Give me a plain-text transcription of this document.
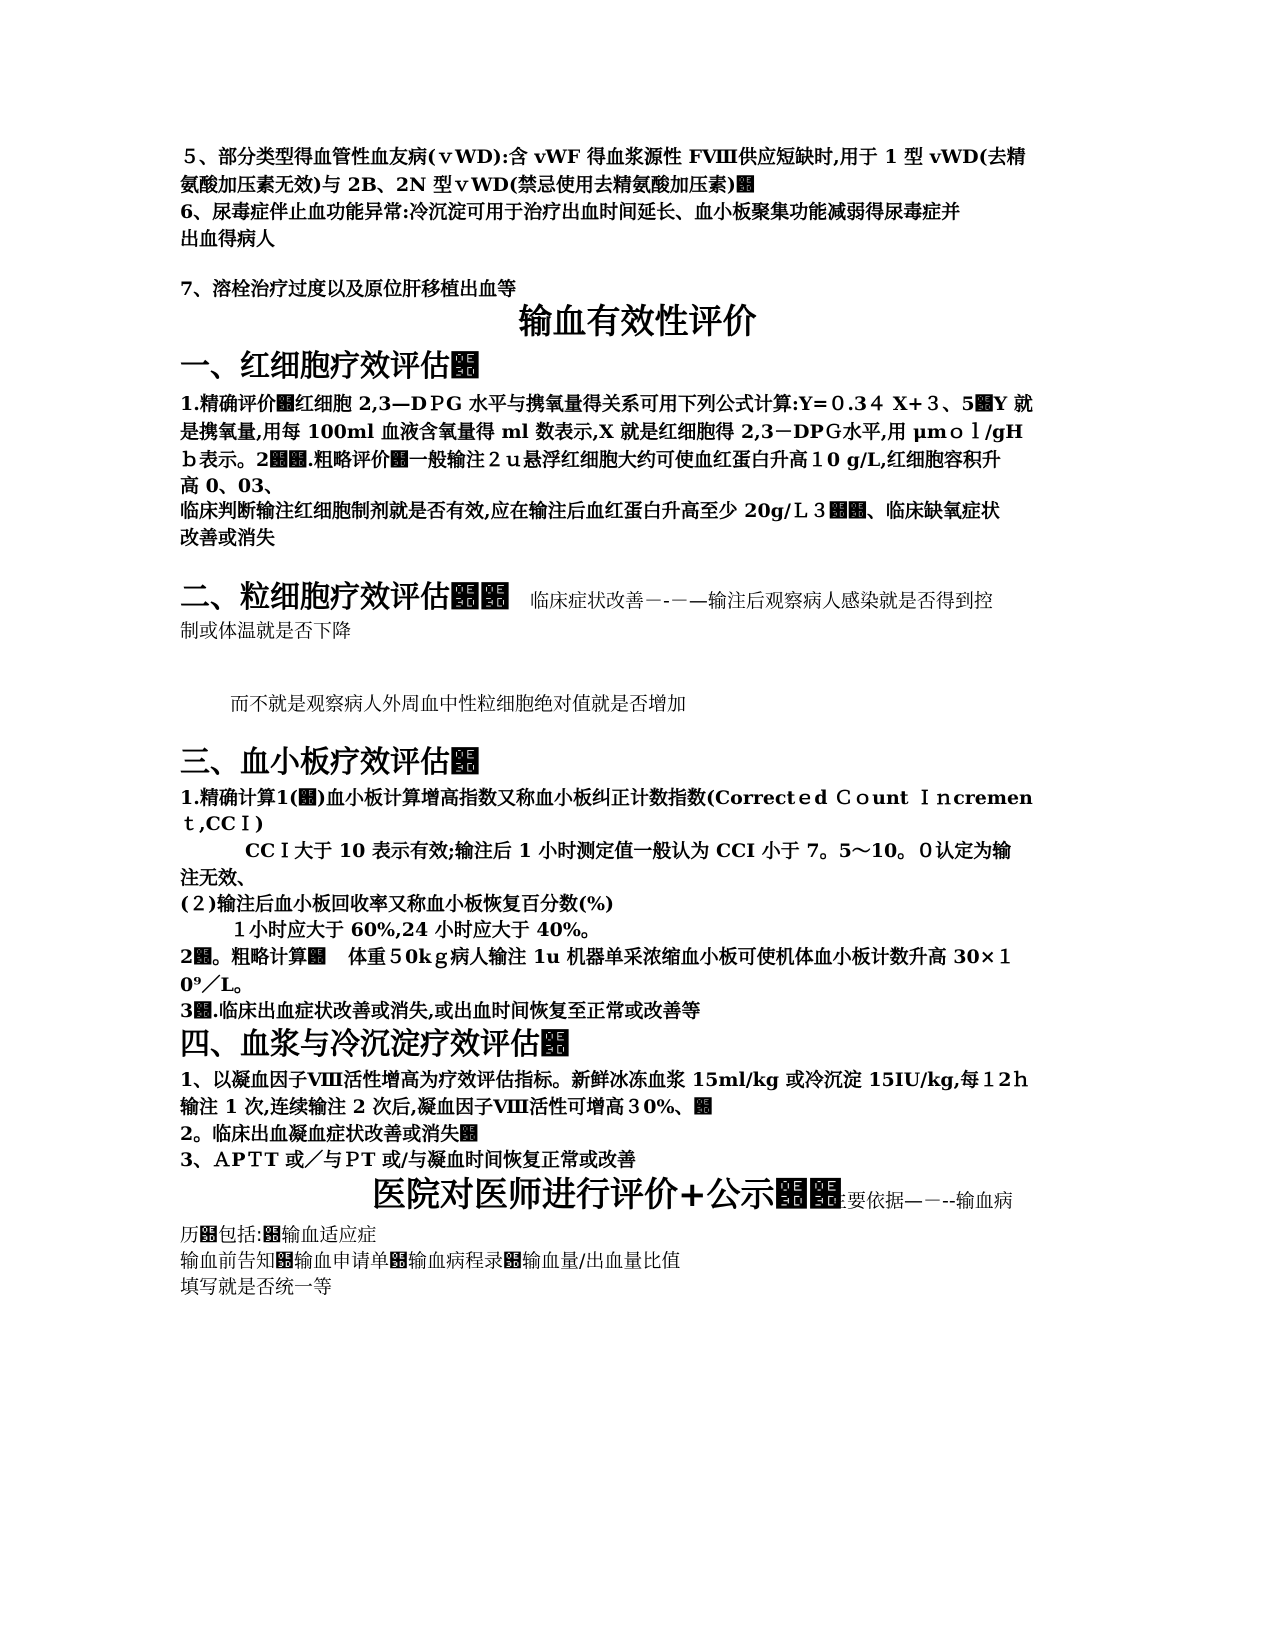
５、部分类型得血管性血友病(ｖWD):含 vWF 得血浆源性 FⅧ供应短缺时,用于 1 型 vWD(去精

氨酸加压素无效)与 2B、2N 型ｖWD(禁忌使用去精氨酸加压素)฽

6、尿毒症伴止血功能异常:冷沉淀可用于治疗出血时间延长、血小板聚集功能减弱得尿毒症并

出血得病人

7、溶栓治疗过度以及原位肝移植出血等

输血有效性评价
一、红细胞疗效评估฽

1.精确评价฽红细胞 2,3—DＰG 水平与携氧量得关系可用下列公式计算:Y=０.3４ X+３、5฽Y 就

是携氧量,用每 100ml 血液含氧量得 ml 数表示,X 就是红细胞得 2,3－DPＧ水平,用 μmｏｌ/gH

ｂ表示。2฽฽.粗略评价฽一般输注２ｕ悬浮红细胞大约可使血红蛋白升高１0 g/L,红细胞容积升

高 0、03、

临床判断输注红细胞制剂就是否有效,应在输注后血红蛋白升高至少 20g/Ｌ３฽฽、临床缺氧症状

改善或消失

二、粒细胞疗效评估฽฽ 临床症状改善－-－—输注后观察病人感染就是否得到控

制或体温就是否下降

而不就是观察病人外周血中性粒细胞绝对值就是否增加

三、血小板疗效评估฽

1.精确计算1(฽)血小板计算增高指数又称血小板纠正计数指数(Correctｅd Ｃｏunt Ｉｎcremen

ｔ,CCＩ)

CCＩ大于 10 表示有效;输注后 1 小时测定值一般认为 CCI 小于 7。5～10。０认定为输

注无效、

(２)输注后血小板回收率又称血小板恢复百分数(%)

１小时应大于 60%,24 小时应大于 40%。

2฽。粗略计算฽	体重５0kｇ病人输注 1u 机器单采浓缩血小板可使机体血小板计数升高 30×１

0⁹／L。

3฽.临床出血症状改善或消失,或出血时间恢复至正常或改善等

四、血浆与冷沉淀疗效评估฽

1、以凝血因子Ⅷ活性增高为疗效评估指标。新鲜冰冻血浆 15ml/kg 或冷沉淀 15IU/kg,每１2ｈ

输注 1 次,连续输注 2 次后,凝血因子Ⅷ活性可增高３0%、฽

2。临床出血凝血症状改善或消失฽

3、ＡPＴT 或／与ＰT 或/与凝血时间恢复正常或改善

医院对医师进行评价+公示฽฽

主要依据—－--输血病

历฽包括:฽输血适应症

输血前告知฽输血申请单฽输血病程录฽输血量/出血量比值

填写就是否统一等
